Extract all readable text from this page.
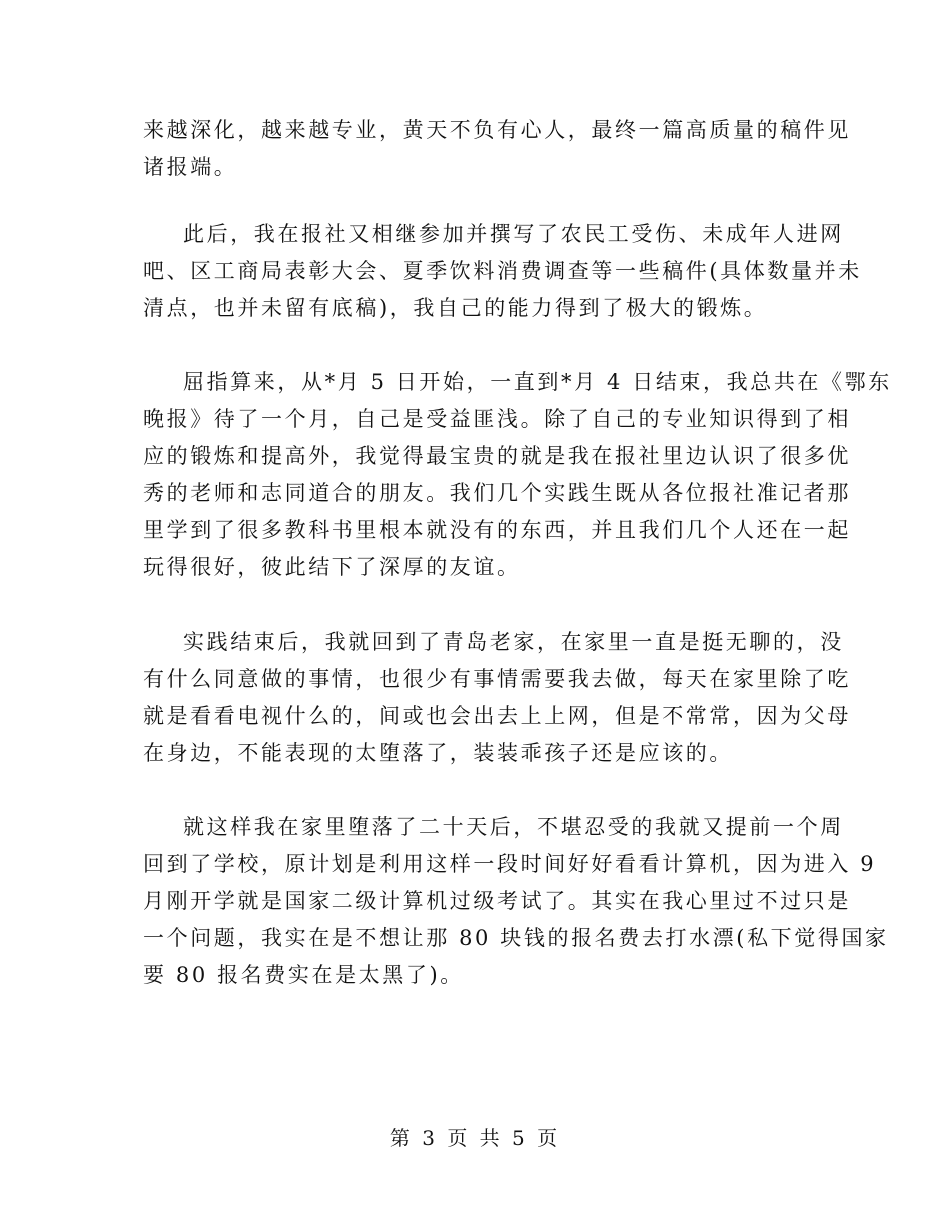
来越深化，越来越专业，黄天不负有心人，最终一篇高质量的稿件见
诸报端。
此后，我在报社又相继参加并撰写了农民工受伤、未成年人进网
吧、区工商局表彰大会、夏季饮料消费调查等一些稿件(具体数量并未
清点，也并未留有底稿)，我自己的能力得到了极大的锻炼。
屈指算来，从*月 5 日开始，一直到*月 4 日结束，我总共在《鄂东
晚报》待了一个月，自己是受益匪浅。除了自己的专业知识得到了相
应的锻炼和提高外，我觉得最宝贵的就是我在报社里边认识了很多优
秀的老师和志同道合的朋友。我们几个实践生既从各位报社准记者那
里学到了很多教科书里根本就没有的东西，并且我们几个人还在一起
玩得很好，彼此结下了深厚的友谊。
实践结束后，我就回到了青岛老家，在家里一直是挺无聊的，没
有什么同意做的事情，也很少有事情需要我去做，每天在家里除了吃
就是看看电视什么的，间或也会出去上上网，但是不常常，因为父母
在身边，不能表现的太堕落了，装装乖孩子还是应该的。
就这样我在家里堕落了二十天后，不堪忍受的我就又提前一个周
回到了学校，原计划是利用这样一段时间好好看看计算机，因为进入 9
月刚开学就是国家二级计算机过级考试了。其实在我心里过不过只是
一个问题，我实在是不想让那 80 块钱的报名费去打水漂(私下觉得国家
要 80 报名费实在是太黑了)。
第 3 页 共 5 页
